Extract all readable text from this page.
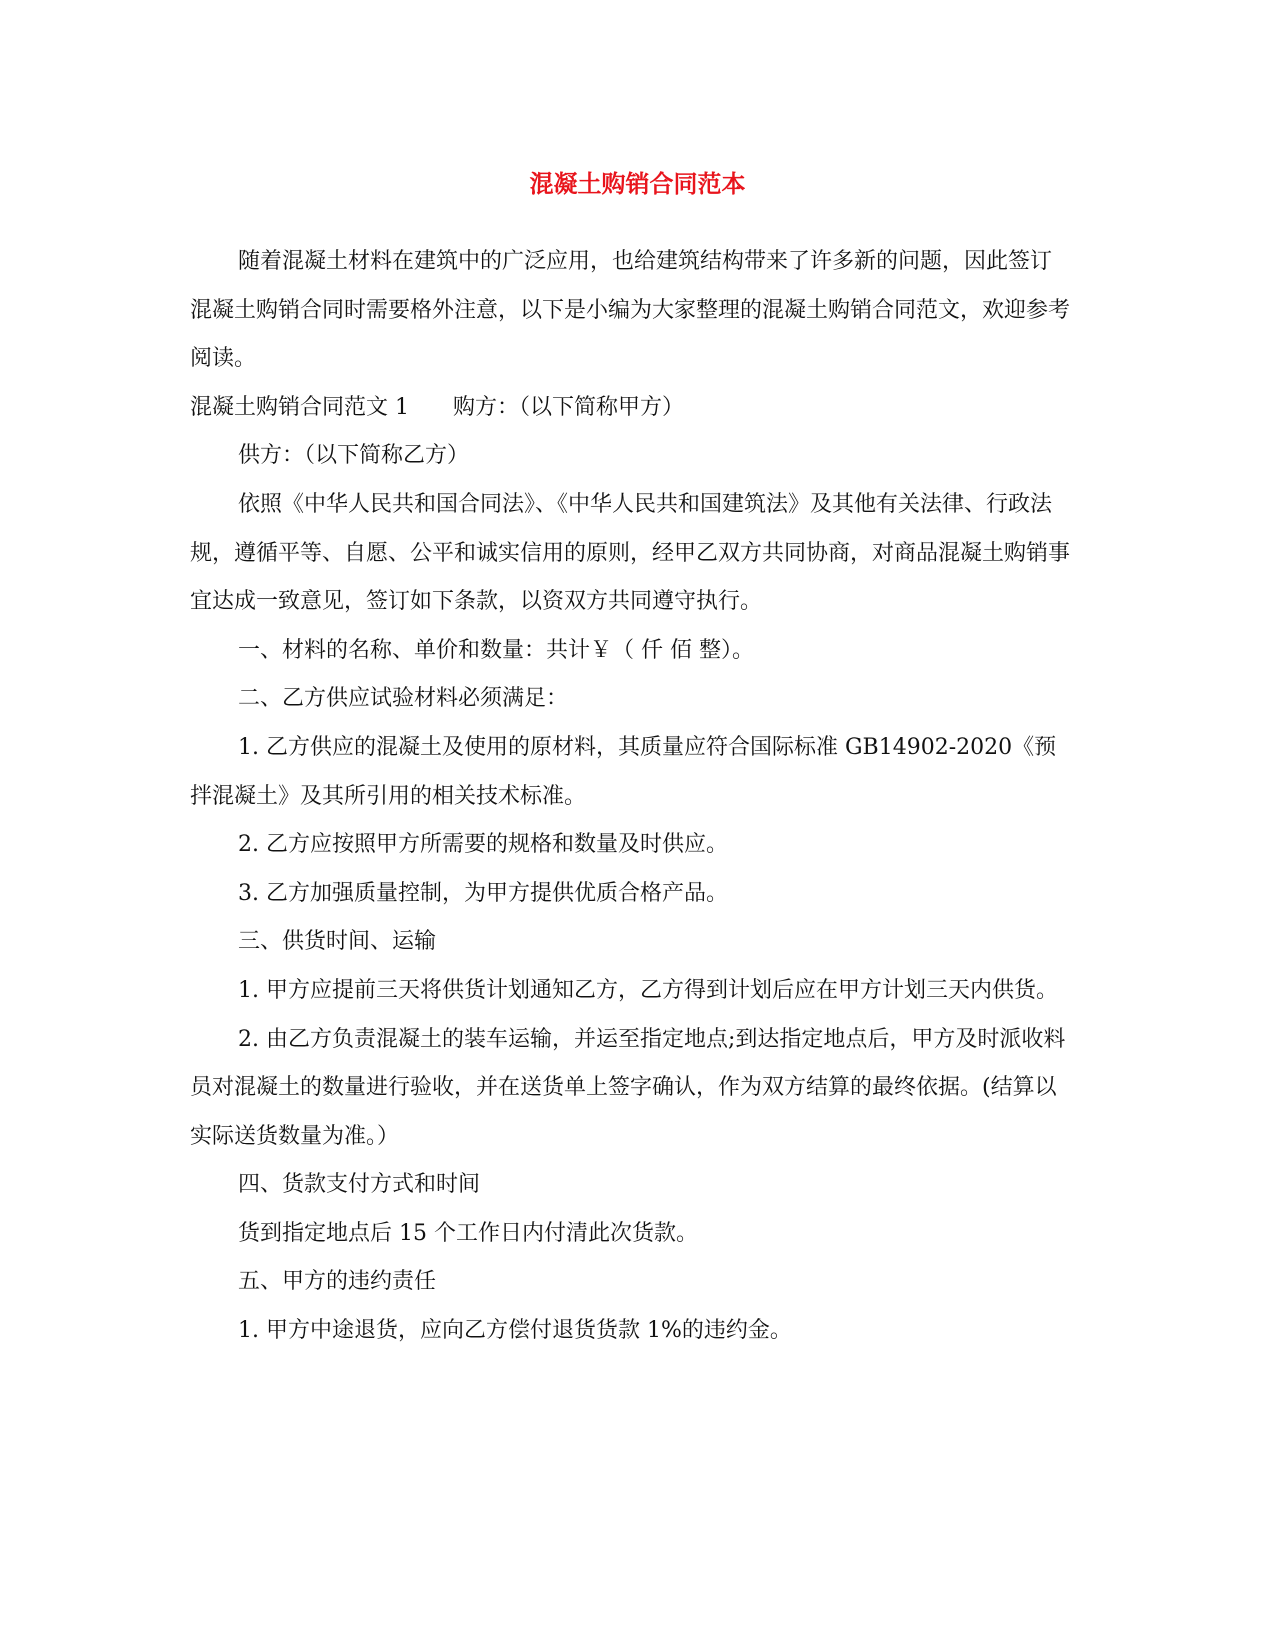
混凝土购销合同范本

随着混凝土材料在建筑中的广泛应用，也给建筑结构带来了许多新的问题，因此签订混凝土购销合同时需要格外注意，以下是小编为大家整理的混凝土购销合同范文，欢迎参考阅读。

混凝土购销合同范文 1 购方：（以下简称甲方）

供方：（以下简称乙方）

依照《中华人民共和国合同法》、《中华人民共和国建筑法》及其他有关法律、行政法规，遵循平等、自愿、公平和诚实信用的原则，经甲乙双方共同协商，对商品混凝土购销事宜达成一致意见，签订如下条款，以资双方共同遵守执行。

一、材料的名称、单价和数量：共计￥（ 仟 佰 整）。

二、乙方供应试验材料必须满足：

1. 乙方供应的混凝土及使用的原材料，其质量应符合国际标准 GB14902-2020《预拌混凝土》及其所引用的相关技术标准。

2. 乙方应按照甲方所需要的规格和数量及时供应。

3. 乙方加强质量控制，为甲方提供优质合格产品。

三、供货时间、运输

1. 甲方应提前三天将供货计划通知乙方，乙方得到计划后应在甲方计划三天内供货。

2. 由乙方负责混凝土的装车运输，并运至指定地点;到达指定地点后，甲方及时派收料员对混凝土的数量进行验收，并在送货单上签字确认，作为双方结算的最终依据。(结算以实际送货数量为准。）

四、货款支付方式和时间

货到指定地点后 15 个工作日内付清此次货款。

五、甲方的违约责任

1. 甲方中途退货，应向乙方偿付退货货款 1%的违约金。
